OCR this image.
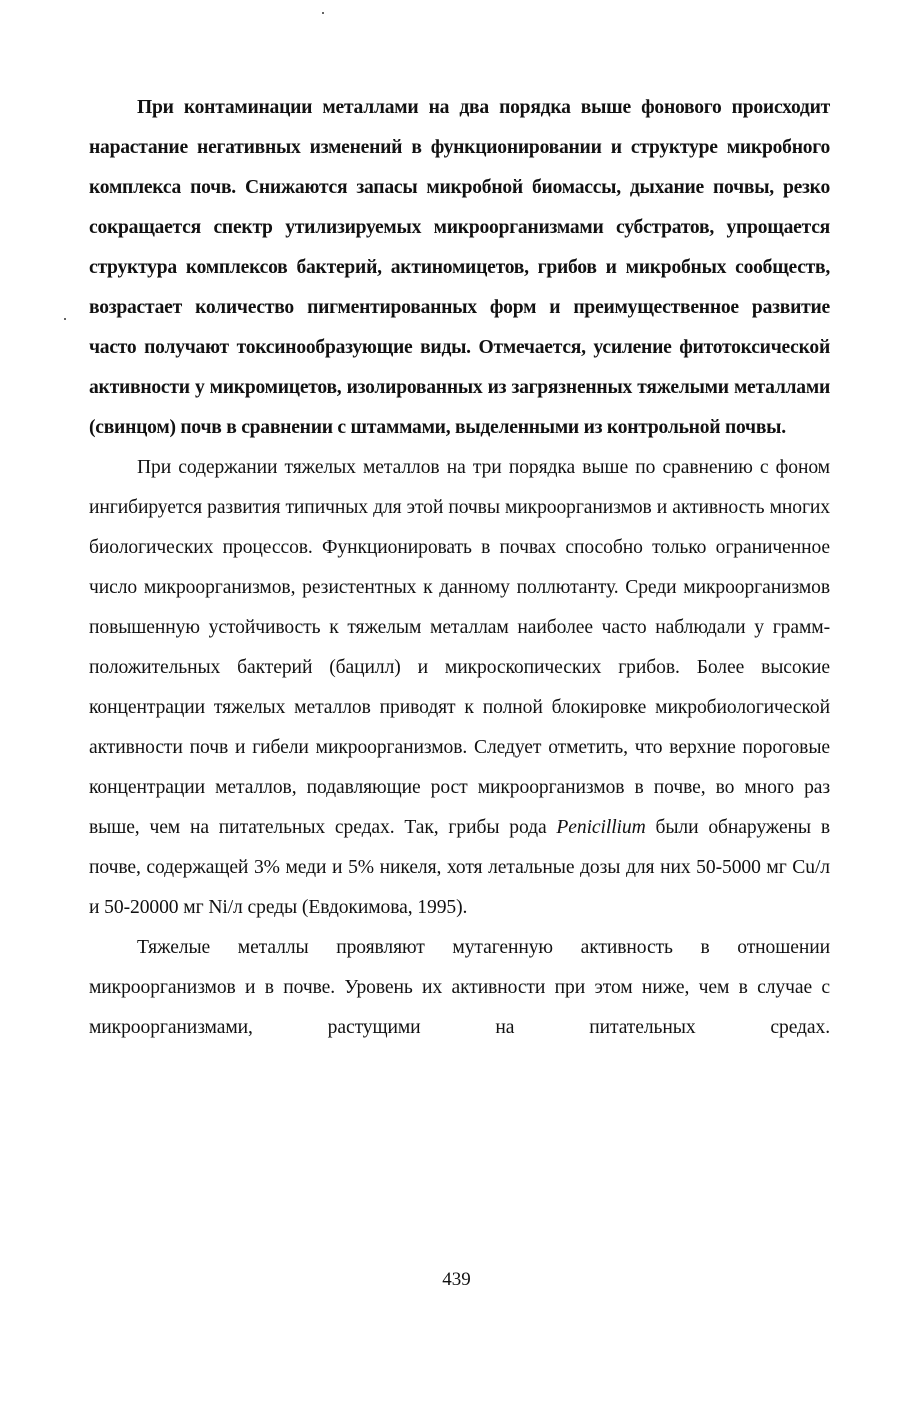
При контаминации металлами на два порядка выше фонового происходит нарастание негативных изменений в функционировании и структуре микробного комплекса почв. Снижаются запасы микробной биомассы, дыхание почвы, резко сокращается спектр утилизируемых микроорганизмами субстратов, упрощается структура комплексов бактерий, актиномицетов, грибов и микробных сообществ, возрастает количество пигментированных форм и преимущественное развитие часто получают токсинообразующие виды. Отмечается, усиление фитотоксической активности у микромицетов, изолированных из загрязненных тяжелыми металлами (свинцом) почв в сравнении с штаммами, выделенными из контрольной почвы.

При содержании тяжелых металлов на три порядка выше по сравнению с фоном ингибируется развития типичных для этой почвы микроорганизмов и активность многих биологических процессов. Функционировать в почвах способно только ограниченное число микроорганизмов, резистентных к данному поллютанту. Среди микроорганизмов повышенную устойчивость к тяжелым металлам наиболее часто наблюдали у грамм-положительных бактерий (бацилл) и микроскопических грибов. Более высокие концентрации тяжелых металлов приводят к полной блокировке микробиологической активности почв и гибели микроорганизмов. Следует отметить, что верхние пороговые концентрации металлов, подавляющие рост микроорганизмов в почве, во много раз выше, чем на питательных средах. Так, грибы рода Penicillium были обнаружены в почве, содержащей 3% меди и 5% никеля, хотя летальные дозы для них 50-5000 мг Cu/л и 50-20000 мг Ni/л среды (Евдокимова, 1995).

Тяжелые металлы проявляют мутагенную активность в отношении микроорганизмов и в почве. Уровень их активности при этом ниже, чем в случае с микроорганизмами, растущими на питательных средах.

439
